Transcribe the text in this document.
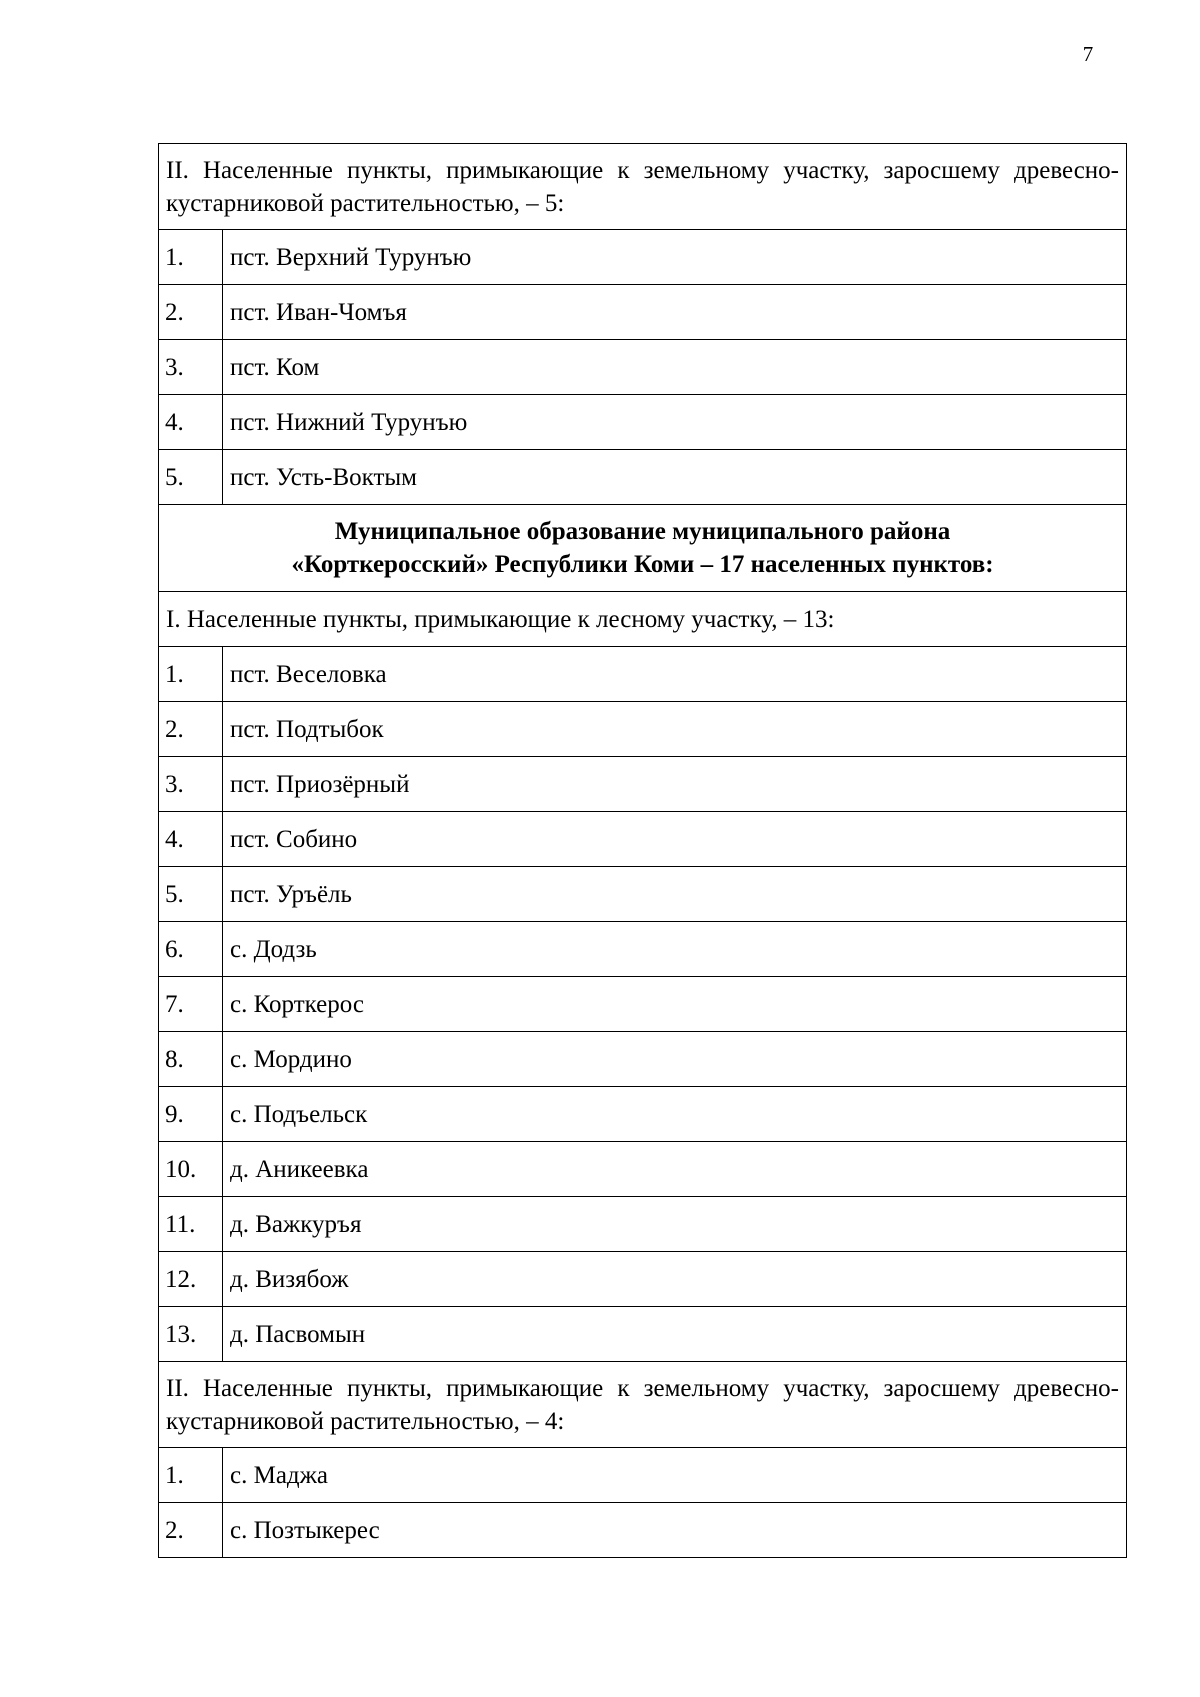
7
II. Населенные пункты, примыкающие к земельному участку, заросшему древесно-кустарниковой растительностью, – 5:	
1.	пст. Верхний Турунъю
2.	пст. Иван-Чомъя
3.	пст. Ком
4.	пст. Нижний Турунъю
5.	пст. Усть-Воктым
Муниципальное образование муниципального района
«Корткеросский» Республики Коми – 17 населенных пунктов:	
I. Населенные пункты, примыкающие к лесному участку, – 13:	
1.	пст. Веселовка
2.	пст. Подтыбок
3.	пст. Приозёрный
4.	пст. Собино
5.	пст. Уръёль
6.	с. Додзь
7.	с. Корткерос
8.	с. Мордино
9.	с. Подъельск
10.	д. Аникеевка
11.	д. Важкуръя
12.	д. Визябож
13.	д. Пасвомын
II. Населенные пункты, примыкающие к земельному участку, заросшему древесно-кустарниковой растительностью, – 4:	
1.	с. Маджа
2.	с. Позтыкерес
